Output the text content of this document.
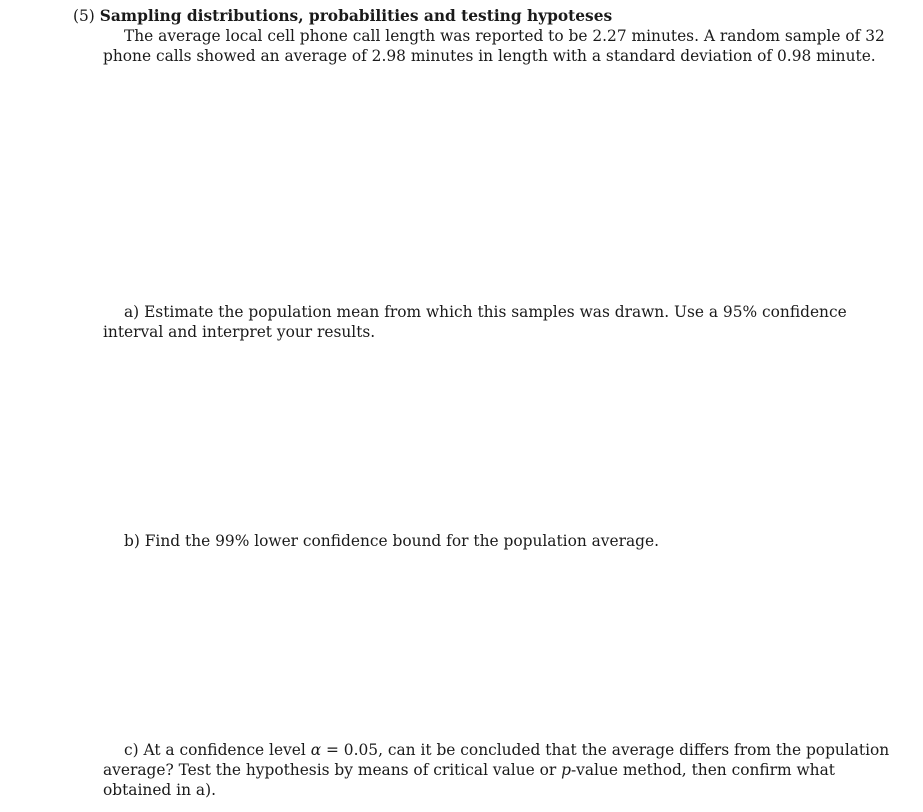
(5) Sampling distributions, probabilities and testing hypoteses
The average local cell phone call length was reported to be 2.27 minutes. A random sample of 32
phone calls showed an average of 2.98 minutes in length with a standard deviation of 0.98 minute.
a) Estimate the population mean from which this samples was drawn. Use a 95% confidence
interval and interpret your results.
b) Find the 99% lower confidence bound for the population average.
c) At a confidence level α = 0.05, can it be concluded that the average differs from the population
average? Test the hypothesis by means of critical value or p-value method, then confirm what
obtained in a).
